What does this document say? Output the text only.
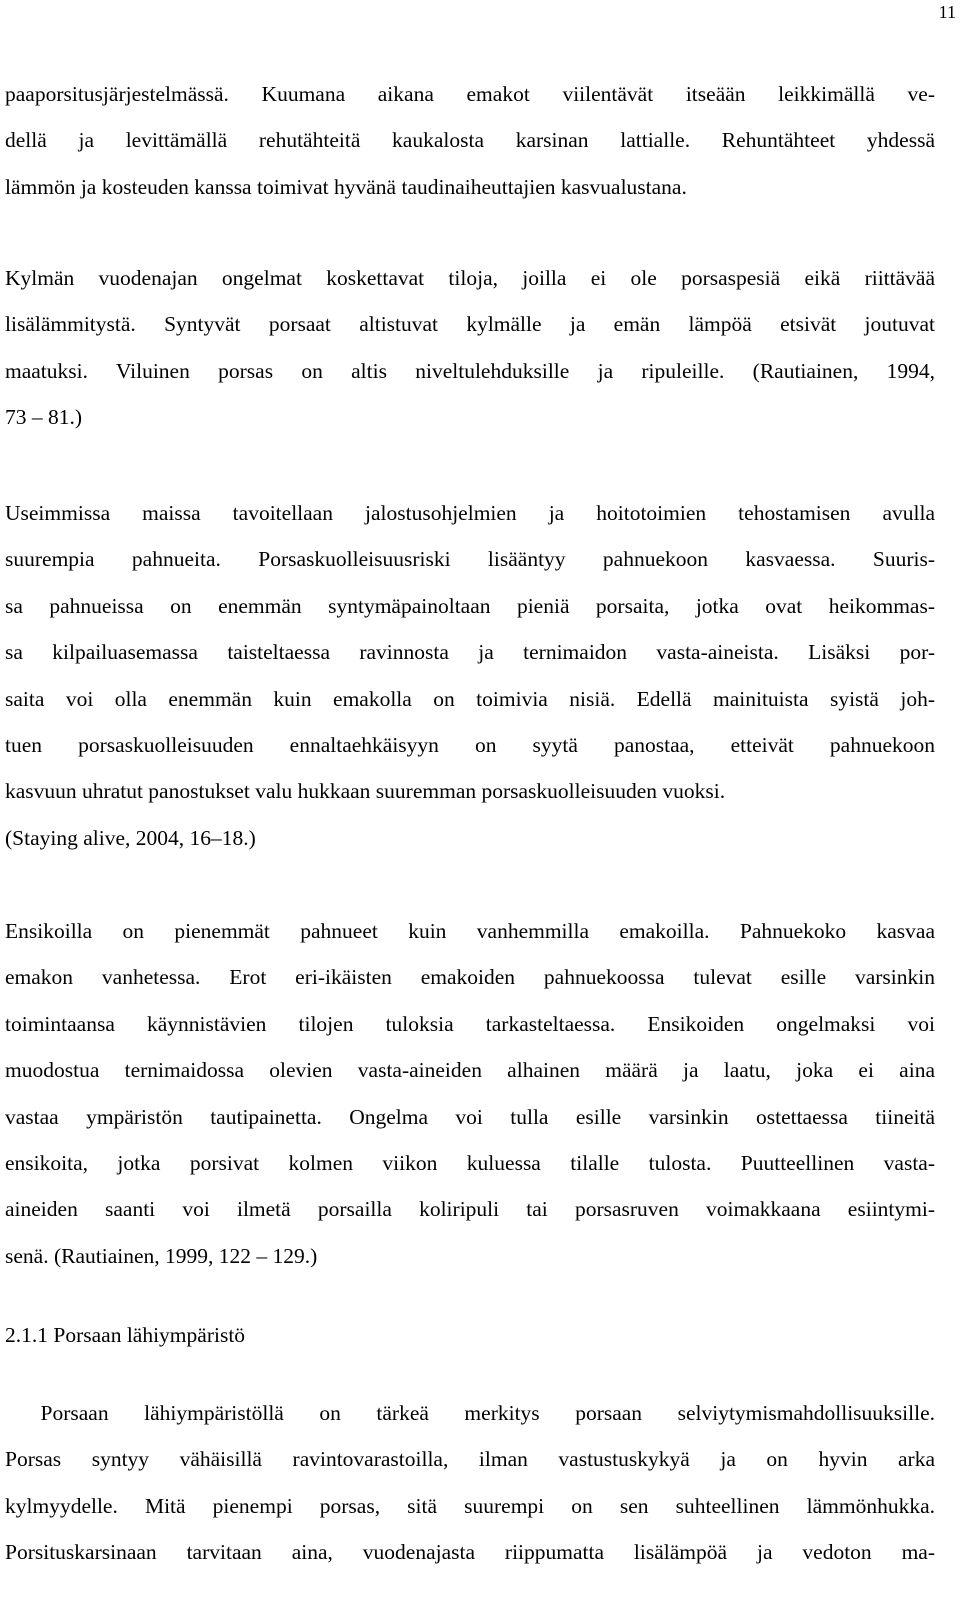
11
paaporsitusjärjestelmässä. Kuumana aikana emakot viilentävät itseään leikkimällä ve-
dellä ja levittämällä rehutähteitä kaukalosta karsinan lattialle. Rehuntähteet yhdessä
lämmön ja kosteuden kanssa toimivat hyvänä taudinaiheuttajien kasvualustana.
Kylmän vuodenajan ongelmat koskettavat tiloja, joilla ei ole porsaspesiä eikä riittävää
lisälämmitystä. Syntyvät porsaat altistuvat kylmälle ja emän lämpöä etsivät joutuvat
maatuksi. Viluinen porsas on altis niveltulehduksille ja ripuleille. (Rautiainen, 1994,
73 – 81.)
Useimmissa maissa tavoitellaan jalostusohjelmien ja hoitotoimien tehostamisen avulla
suurempia pahnueita. Porsaskuolleisuusriski lisääntyy pahnuekoon kasvaessa. Suuris-
sa pahnueissa on enemmän syntymäpainoltaan pieniä porsaita, jotka ovat heikommas-
sa kilpailuasemassa taisteltaessa ravinnosta ja ternimaidon vasta-aineista. Lisäksi por-
saita voi olla enemmän kuin emakolla on toimivia nisiä. Edellä mainituista syistä joh-
tuen porsaskuolleisuuden ennaltaehkäisyyn on syytä panostaa, etteivät pahnuekoon
kasvuun uhratut panostukset valu hukkaan suuremman porsaskuolleisuuden vuoksi.
(Staying alive, 2004, 16–18.)
Ensikoilla on pienemmät pahnueet kuin vanhemmilla emakoilla. Pahnuekoko kasvaa
emakon vanhetessa. Erot eri-ikäisten emakoiden pahnuekoossa tulevat esille varsinkin
toimintaansa käynnistävien tilojen tuloksia tarkasteltaessa. Ensikoiden ongelmaksi voi
muodostua ternimaidossa olevien vasta-aineiden alhainen määrä ja laatu, joka ei aina
vastaa ympäristön tautipainetta. Ongelma voi tulla esille varsinkin ostettaessa tiineitä
ensikoita, jotka porsivat kolmen viikon kuluessa tilalle tulosta. Puutteellinen vasta-
aineiden saanti voi ilmetä porsailla koliripuli tai porsasruven voimakkaana esiintymi-
senä. (Rautiainen, 1999, 122 – 129.)
2.1.1 Porsaan lähiympäristö
Porsaan lähiympäristöllä on tärkeä merkitys porsaan selviytymismahdollisuuksille.
Porsas syntyy vähäisillä ravintovarastoilla, ilman vastustuskykyä ja on hyvin arka
kylmyydelle. Mitä pienempi porsas, sitä suurempi on sen suhteellinen lämmönhukka.
Porsituskarsinaan tarvitaan aina, vuodenajasta riippumatta lisälämpöä ja vedoton ma-
